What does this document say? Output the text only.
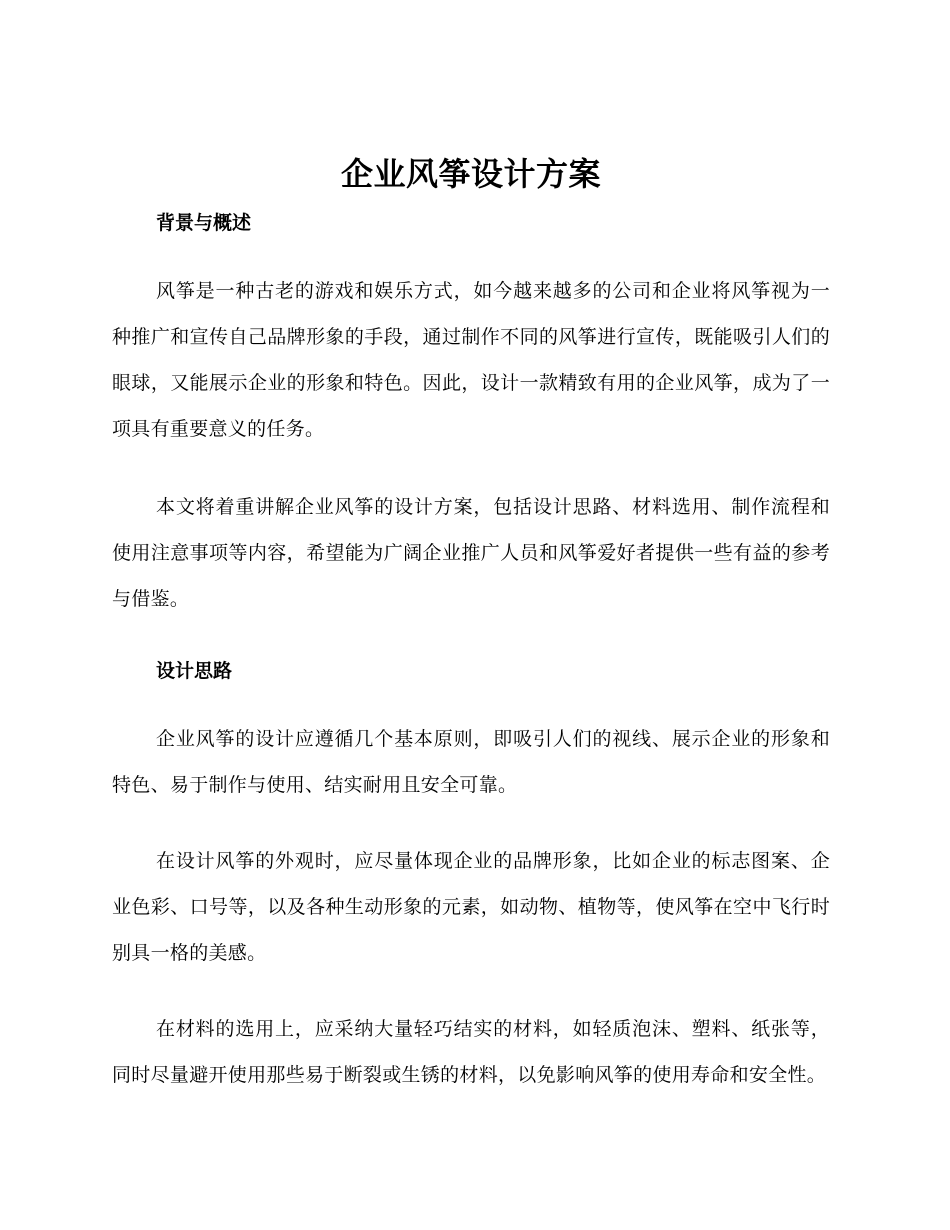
企业风筝设计方案
背景与概述

风筝是一种古老的游戏和娱乐方式，如今越来越多的公司和企业将风筝视为一种推广和宣传自己品牌形象的手段，通过制作不同的风筝进行宣传，既能吸引人们的眼球，又能展示企业的形象和特色。因此，设计一款精致有用的企业风筝，成为了一项具有重要意义的任务。

本文将着重讲解企业风筝的设计方案，包括设计思路、材料选用、制作流程和使用注意事项等内容，希望能为广阔企业推广人员和风筝爱好者提供一些有益的参考与借鉴。

设计思路

企业风筝的设计应遵循几个基本原则，即吸引人们的视线、展示企业的形象和特色、易于制作与使用、结实耐用且安全可靠。

在设计风筝的外观时，应尽量体现企业的品牌形象，比如企业的标志图案、企业色彩、口号等，以及各种生动形象的元素，如动物、植物等，使风筝在空中飞行时别具一格的美感。

在材料的选用上，应采纳大量轻巧结实的材料，如轻质泡沫、塑料、纸张等，同时尽量避开使用那些易于断裂或生锈的材料，以免影响风筝的使用寿命和安全性。
